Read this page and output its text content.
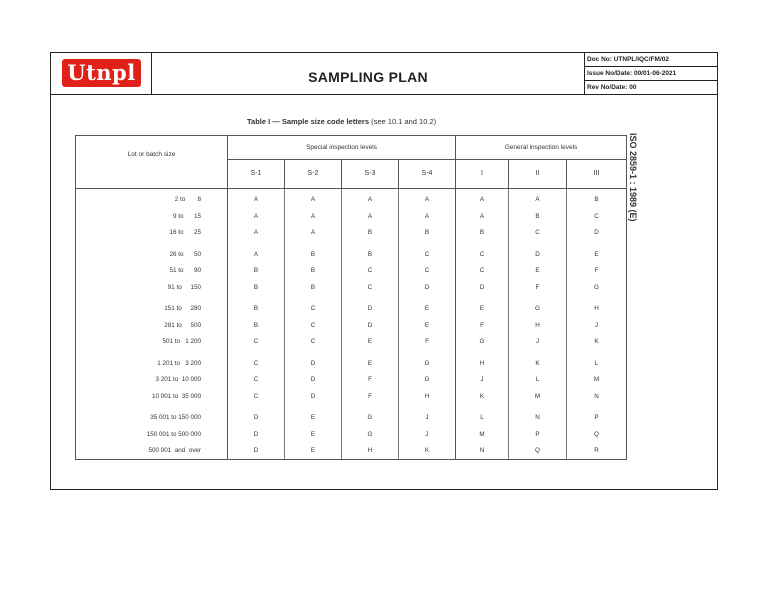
Utnpl	SAMPLING PLAN
Doc No: UTNPL/IQC/FM/02
Issue No/Date: 00/01-06-2021
Rev No/Date: 00
Table I — Sample size code letters (see 10.1 and 10.2)
ISO 2859-1 : 1989 (E)
Lot or batch size
Special inspection levels	General inspection levels
S-1	S-2	S-3	S-4	I	II	III
2 to       8	A	A	A	A	A	A	B
9 to      15	A	A	A	A	A	B	C
16 to      25	A	A	B	B	B	C	D
26 to      50	A	B	B	C	C	D	E
51 to      90	B	B	C	C	C	E	F
91 to     150	B	B	C	D	D	F	G
151 to     280	B	C	D	E	E	G	H
281 to     500	B	C	D	E	F	H	J
501 to   1 200	C	C	E	F	G	J	K
1 201 to   3 200	C	D	E	G	H	K	L
3 201 to  10 000	C	D	F	G	J	L	M
10 001 to  35 000	C	D	F	H	K	M	N
35 001 to 150 000	D	E	G	J	L	N	P
150 001 to 500 000	D	E	G	J	M	P	Q
500 001  and  over	D	E	H	K	N	Q	R
